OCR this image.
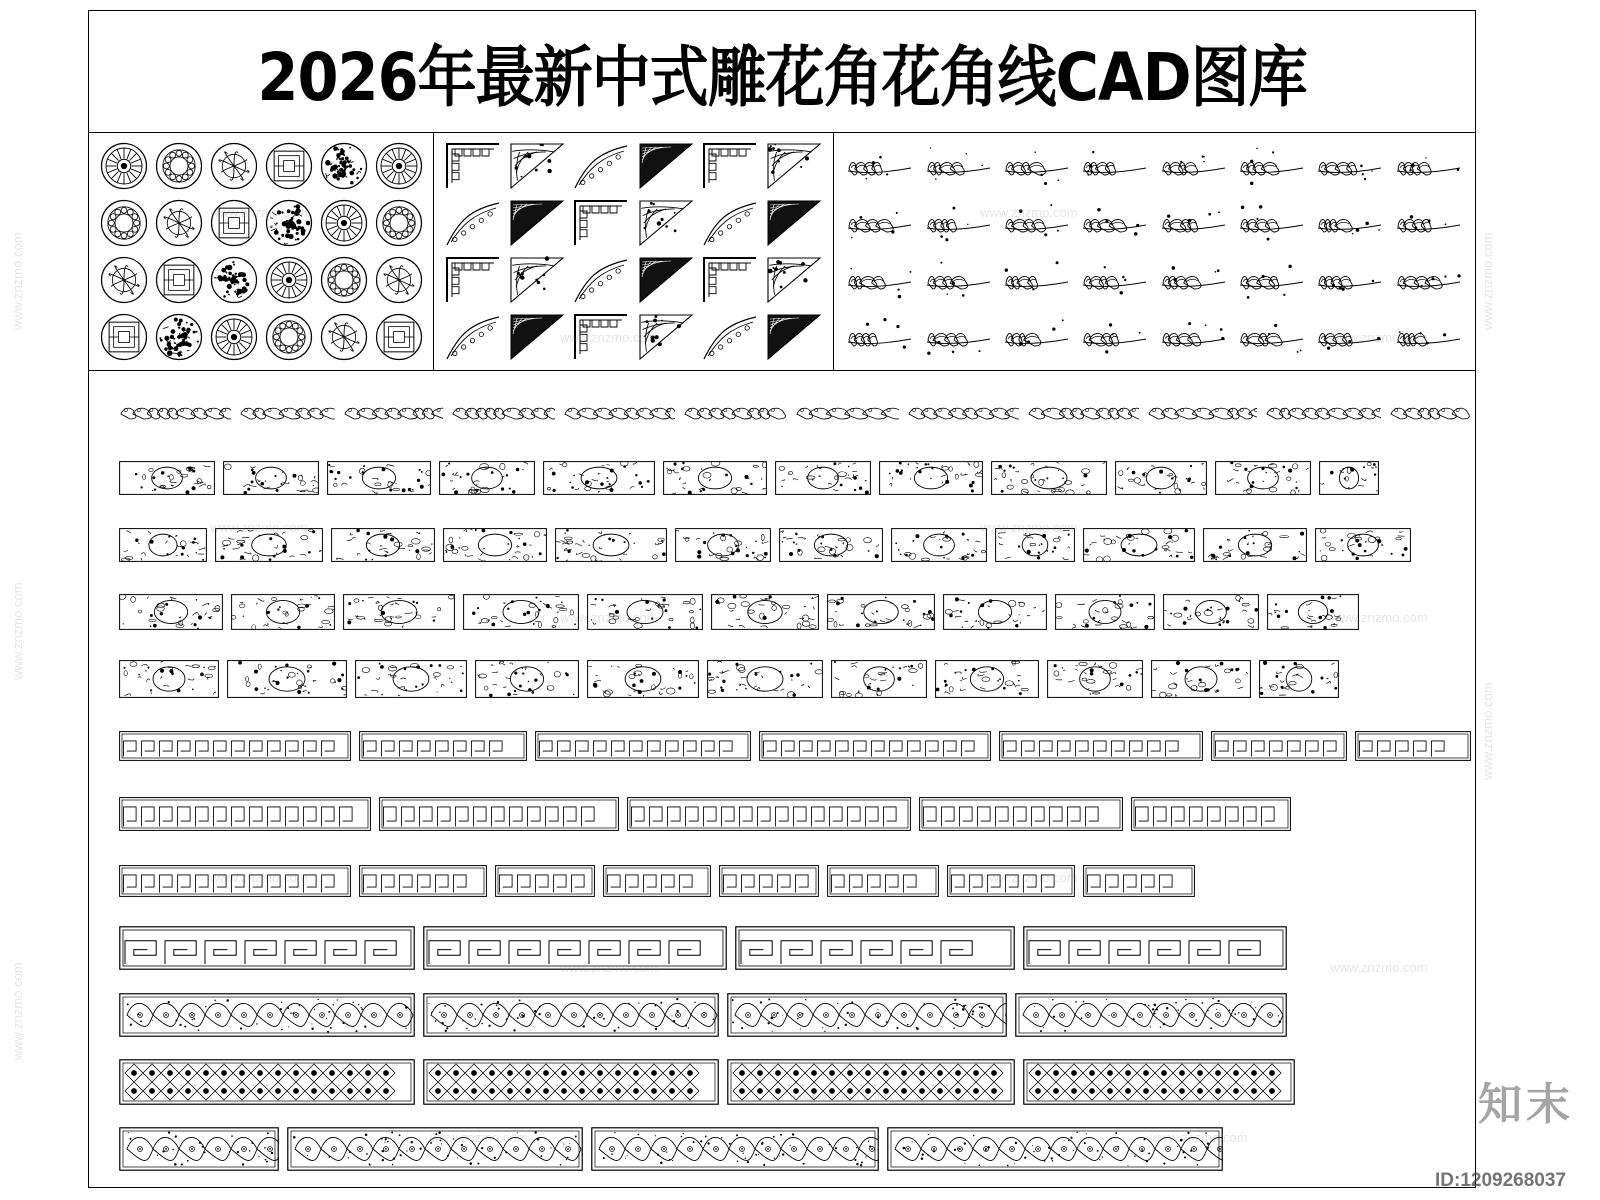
2026年最新中式雕花角花角线CAD图库
知末
ID:1209268037
www.znzmo.com
www.znzmo.com
www.znzmo.com
www.znzmo.com
www.znzmo.com
www.znzmo.com
www.znzmo.com
www.znzmo.com
www.znzmo.com
www.znzmo.com
www.znzmo.com
www.znzmo.com
www.znzmo.com
www.znzmo.com
www.znzmo.com
www.znzmo.com
www.znzmo.com
www.znzmo.com
www.znzmo.com
www.znzmo.com
